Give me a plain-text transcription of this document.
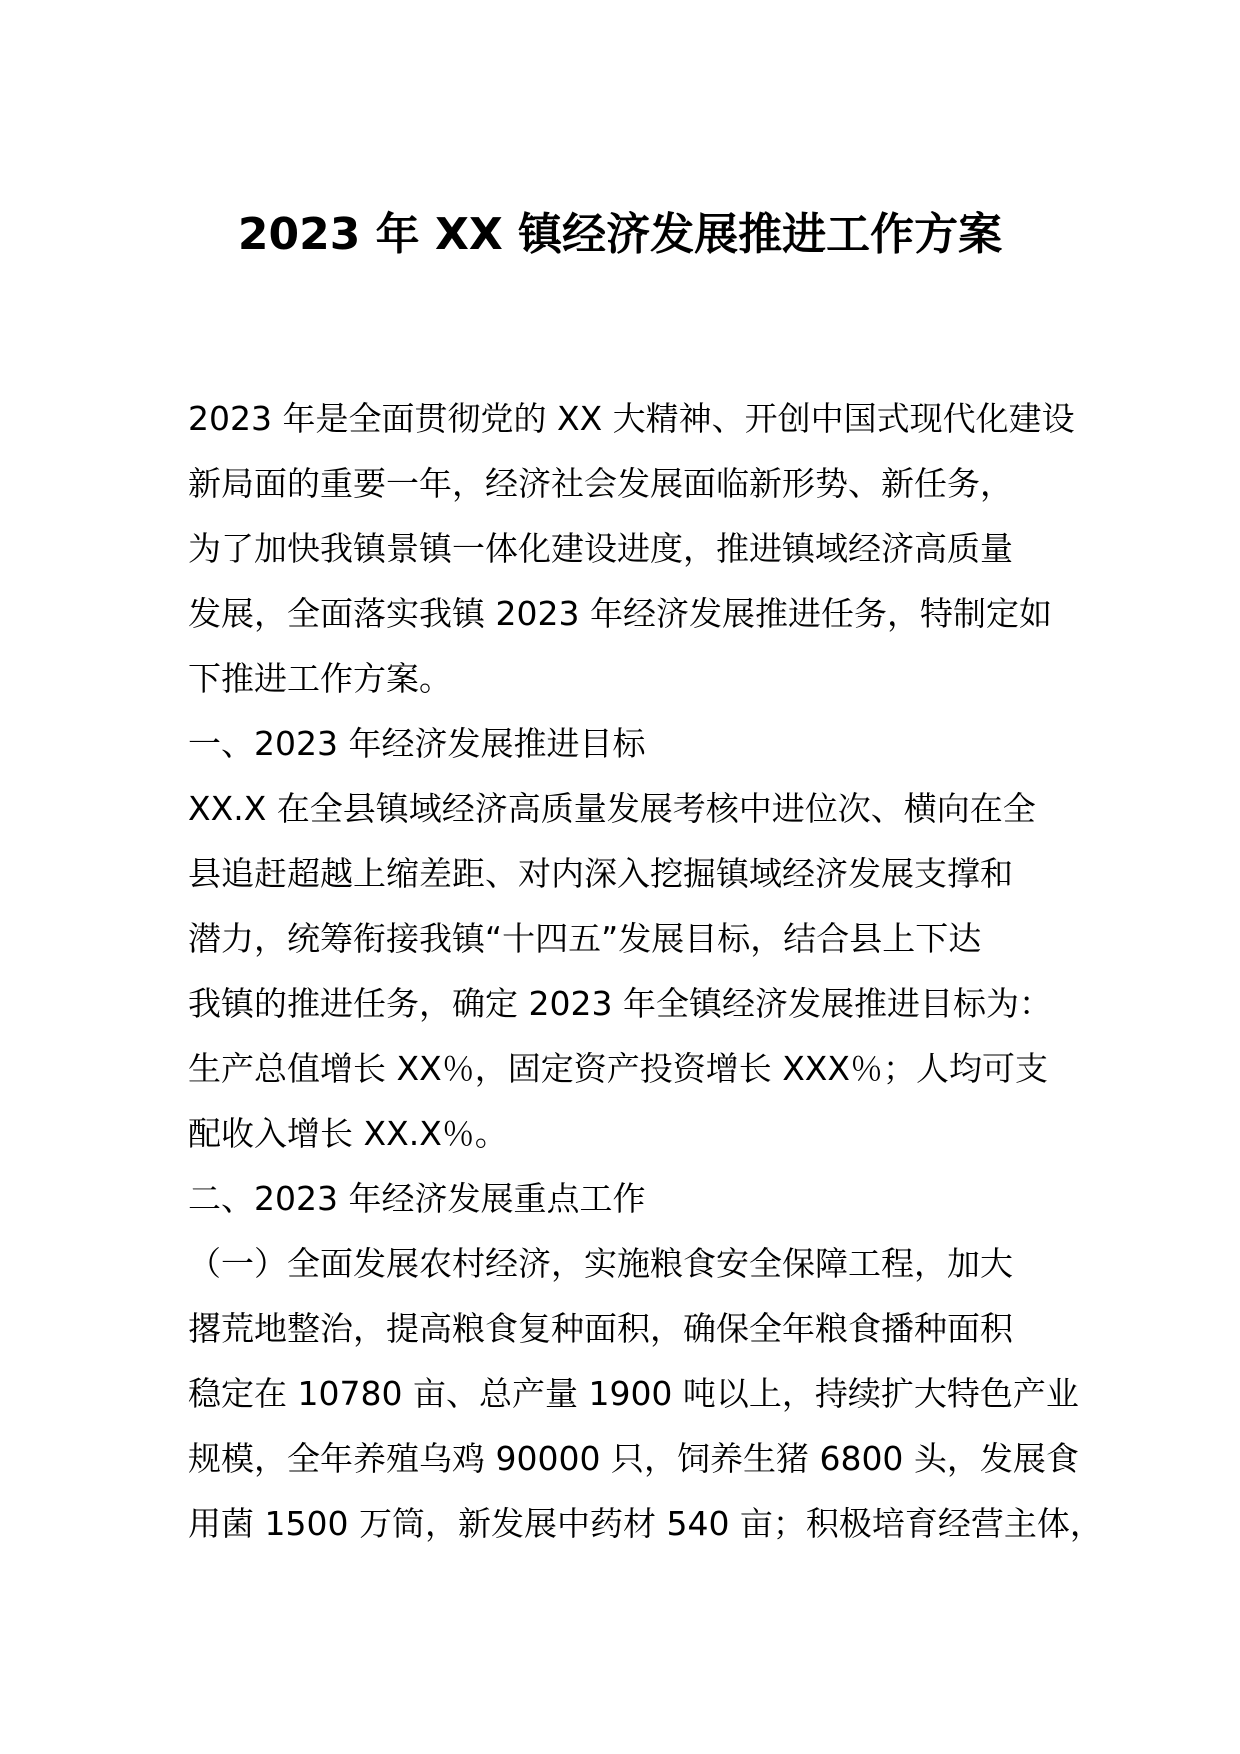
2023 年 XX 镇经济发展推进工作方案
2023 年是全面贯彻党的 XX 大精神、开创中国式现代化建设
新局面的重要一年，经济社会发展面临新形势、新任务，
为了加快我镇景镇一体化建设进度，推进镇域经济高质量
发展，全面落实我镇 2023 年经济发展推进任务，特制定如
下推进工作方案。
一、2023 年经济发展推进目标
XX.X 在全县镇域经济高质量发展考核中进位次、横向在全
县追赶超越上缩差距、对内深入挖掘镇域经济发展支撑和
潜力，统筹衔接我镇“十四五”发展目标，结合县上下达
我镇的推进任务，确定 2023 年全镇经济发展推进目标为：
生产总值增长 XX％，固定资产投资增长 XXX％；人均可支
配收入增长 XX.X％。
二、2023 年经济发展重点工作
（一）全面发展农村经济，实施粮食安全保障工程，加大
撂荒地整治，提高粮食复种面积，确保全年粮食播种面积
稳定在 10780 亩、总产量 1900 吨以上，持续扩大特色产业
规模，全年养殖乌鸡 90000 只，饲养生猪 6800 头，发展食
用菌 1500 万筒，新发展中药材 540 亩；积极培育经营主体，
